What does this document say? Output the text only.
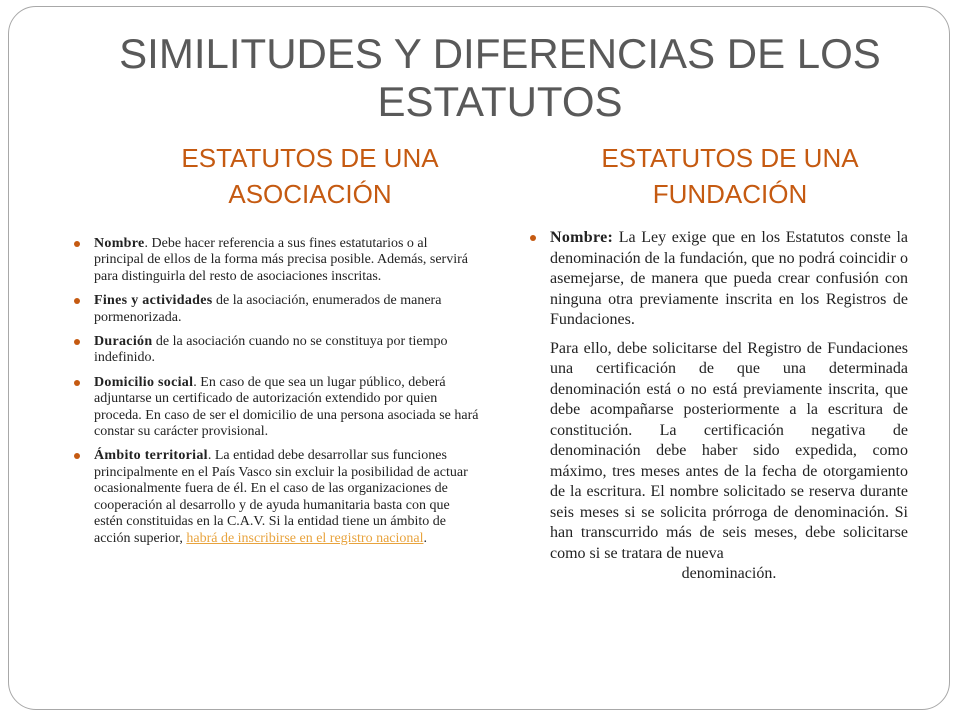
SIMILITUDES Y DIFERENCIAS DE LOS ESTATUTOS
ESTATUTOS DE UNA ASOCIACIÓN
ESTATUTOS DE UNA FUNDACIÓN
Nombre. Debe hacer referencia a sus fines estatutarios o al principal de ellos de la forma más precisa posible. Además, servirá para distinguirla del resto de asociaciones inscritas.
Fines y actividades de la asociación, enumerados de manera pormenorizada.
Duración de la asociación cuando no se constituya por tiempo indefinido.
Domicilio social. En caso de que sea un lugar público, deberá adjuntarse un certificado de autorización extendido por quien proceda. En caso de ser el domicilio de una persona asociada se hará constar su carácter provisional.
Ámbito territorial. La entidad debe desarrollar sus funciones principalmente en el País Vasco sin excluir la posibilidad de actuar ocasionalmente fuera de él. En el caso de las organizaciones de cooperación al desarrollo y de ayuda humanitaria basta con que estén constituidas en la C.A.V. Si la entidad tiene un ámbito de acción superior, habrá de inscribirse en el registro nacional.
Nombre: La Ley exige que en los Estatutos conste la denominación de la fundación, que no podrá coincidir o asemejarse, de manera que pueda crear confusión con ninguna otra previamente inscrita en los Registros de Fundaciones.
Para ello, debe solicitarse del Registro de Fundaciones una certificación de que una determinada denominación está o no está previamente inscrita, que debe acompañarse posteriormente a la escritura de constitución. La certificación negativa de denominación debe haber sido expedida, como máximo, tres meses antes de la fecha de otorgamiento de la escritura. El nombre solicitado se reserva durante seis meses si se solicita prórroga de denominación. Si han transcurrido más de seis meses, debe solicitarse como si se tratara de nueva
denominación.
